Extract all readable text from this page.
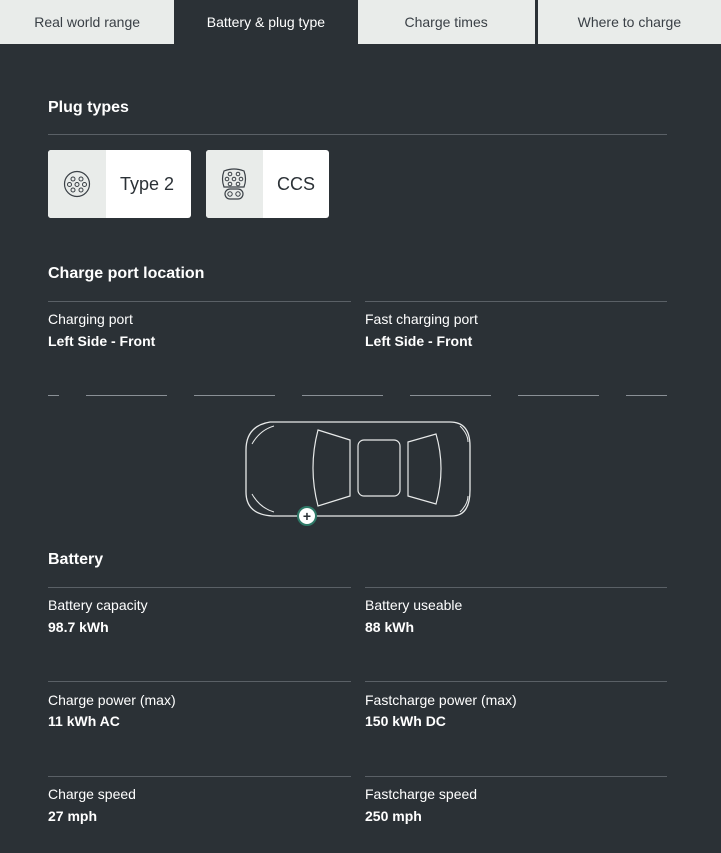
Real world range	Battery & plug type	Charge times	Where to charge
Plug types
Type 2	CCS
Charge port location
Charging port
Left Side - Front
Fast charging port
Left Side - Front
+
Battery
Battery capacity
98.7 kWh
Battery useable
88 kWh
Charge power (max)
11 kWh AC
Fastcharge power (max)
150 kWh DC
Charge speed
27 mph
Fastcharge speed
250 mph
